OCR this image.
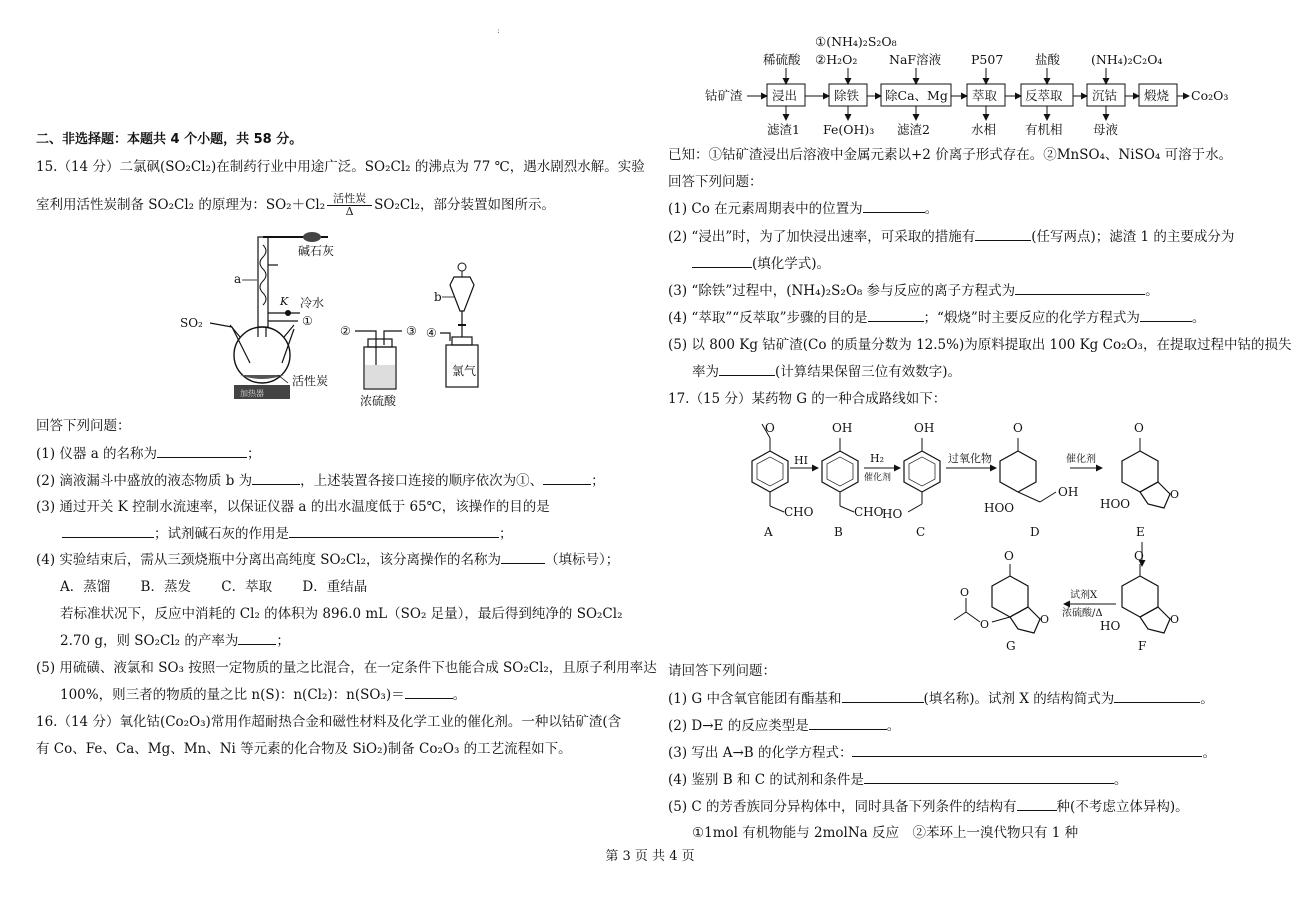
:
二、非选择题：本题共 4 个小题，共 58 分。
15.（14 分）二氯砜(SO₂Cl₂)在制药行业中用途广泛。SO₂Cl₂ 的沸点为 77 ℃，遇水剧烈水解。实验
室利用活性炭制备 SO₂Cl₂ 的原理为：$SO_2+Cl_2 \frac{\text{活性炭}}{\Delta} SO_2Cl_2$，部分装置如图所示。
碱石灰
a
K 冷水
①
SO₂
活性炭
加热器
②	③
浓硫酸
④
b
氯气
回答下列问题：
(1) 仪器 a 的名称为	；
(2) 滴液漏斗中盛放的液态物质 b 为	，上述装置各接口连接的顺序依次为①、	；
(3) 通过开关 K 控制水流速率，以保证仪器 a 的出水温度低于 65℃，该操作的目的是
；试剂碱石灰的作用是	；
(4) 实验结束后，需从三颈烧瓶中分离出高纯度 SO₂Cl₂，该分离操作的名称为	（填标号）；
A．蒸馏 B．蒸发 C．萃取 D．重结晶
若标准状况下，反应中消耗的 Cl₂ 的体积为 896.0 mL（SO₂ 足量），最后得到纯净的 SO₂Cl₂
2.70 g，则 SO₂Cl₂ 的产率为	；
(5) 用硫磺、液氯和 SO₃ 按照一定物质的量之比混合，在一定条件下也能合成 SO₂Cl₂，且原子利用率达
100%，则三者的物质的量之比 n(S)：n(Cl₂)：n(SO₃)＝	。
16.（14 分）氧化钴(Co₂O₃)常用作超耐热合金和磁性材料及化学工业的催化剂。一种以钴矿渣(含
有 Co、Fe、Ca、Mg、Mn、Ni 等元素的化合物及 SiO₂)制备 Co₂O₃ 的工艺流程如下。
钴矿渣 浸出	除铁 除Ca、Mg 萃取 反萃取 沉钴 煅烧 Co₂O₃
稀硫酸
①(NH₄)₂S₂O₈
②H₂O₂	NaF溶液 P507	盐酸 (NH₄)₂C₂O₄
滤渣1 Fe(OH)₃ 滤渣2	水相 有机相 母液
已知：①钴矿渣浸出后溶液中金属元素以+2 价离子形式存在。②MnSO₄、NiSO₄ 可溶于水。
回答下列问题：
(1) Co 在元素周期表中的位置为	。
(2) “浸出”时，为了加快浸出速率，可采取的措施有	(任写两点)；滤渣 1 的主要成分为
(填化学式)。
(3) “除铁”过程中，(NH₄)₂S₂O₈ 参与反应的离子方程式为	。
(4) “萃取”“反萃取”步骤的目的是	；“煅烧”时主要反应的化学方程式为	。
(5) 以 800 Kg 钴矿渣(Co 的质量分数为 12.5%)为原料提取出 100 Kg Co₂O₃，在提取过程中钴的损失
率为	(计算结果保留三位有效数字)。
17.（15 分）某药物 G 的一种合成路线如下：
O
CHO
A
HI
OH
CHO
B
H₂
催化剂
OH
HO
C
过氧化物
O
OH
HOO
D
催化剂
O
O
HOO
E
O
O
HO
F
试剂X
浓硫酸/Δ
O
O
O
O
G
请回答下列问题：
(1) G 中含氧官能团有酯基和	(填名称)。试剂 X 的结构简式为	。
(2) D→E 的反应类型是	。
(3) 写出 A→B 的化学方程式：	。
(4) 鉴别 B 和 C 的试剂和条件是	。
(5) C 的芳香族同分异构体中，同时具备下列条件的结构有	种(不考虑立体异构)。
①1mol 有机物能与 2molNa 反应　②苯环上一溴代物只有 1 种
第 3 页 共 4 页
